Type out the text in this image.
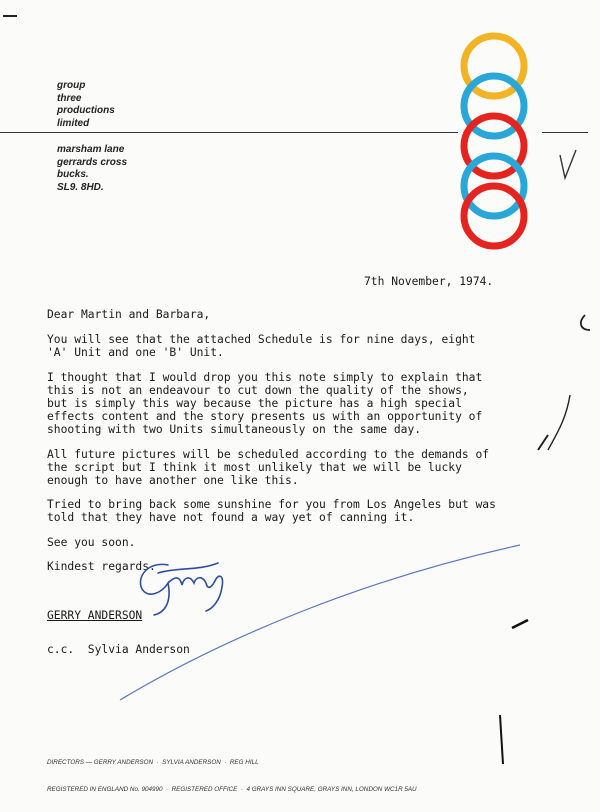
group
three
productions
limited
marsham lane
gerrards cross
bucks.
SL9. 8HD.
7th November, 1974.

Dear Martin and Barbara,

You will see that the attached Schedule is for nine days, eight
'A' Unit and one 'B' Unit.

I thought that I would drop you this note simply to explain that
this is not an endeavour to cut down the quality of the shows,
but is simply this way because the picture has a high special
effects content and the story presents us with an opportunity of
shooting with two Units simultaneously on the same day.

All future pictures will be scheduled according to the demands of
the script but I think it most unlikely that we will be lucky
enough to have another one like this.

Tried to bring back some sunshine for you from Los Angeles but was
told that they have not found a way yet of canning it.

See you soon.

Kindest regards.

GERRY ANDERSON
c.c.  Sylvia Anderson

DIRECTORS — GERRY ANDERSON  ·  SYLVIA ANDERSON  ·  REG HILL

REGISTERED IN ENGLAND No. 904990  ·  REGISTERED OFFICE  ·  4 GRAYS INN SQUARE, GRAYS INN, LONDON WC1R 5AU
